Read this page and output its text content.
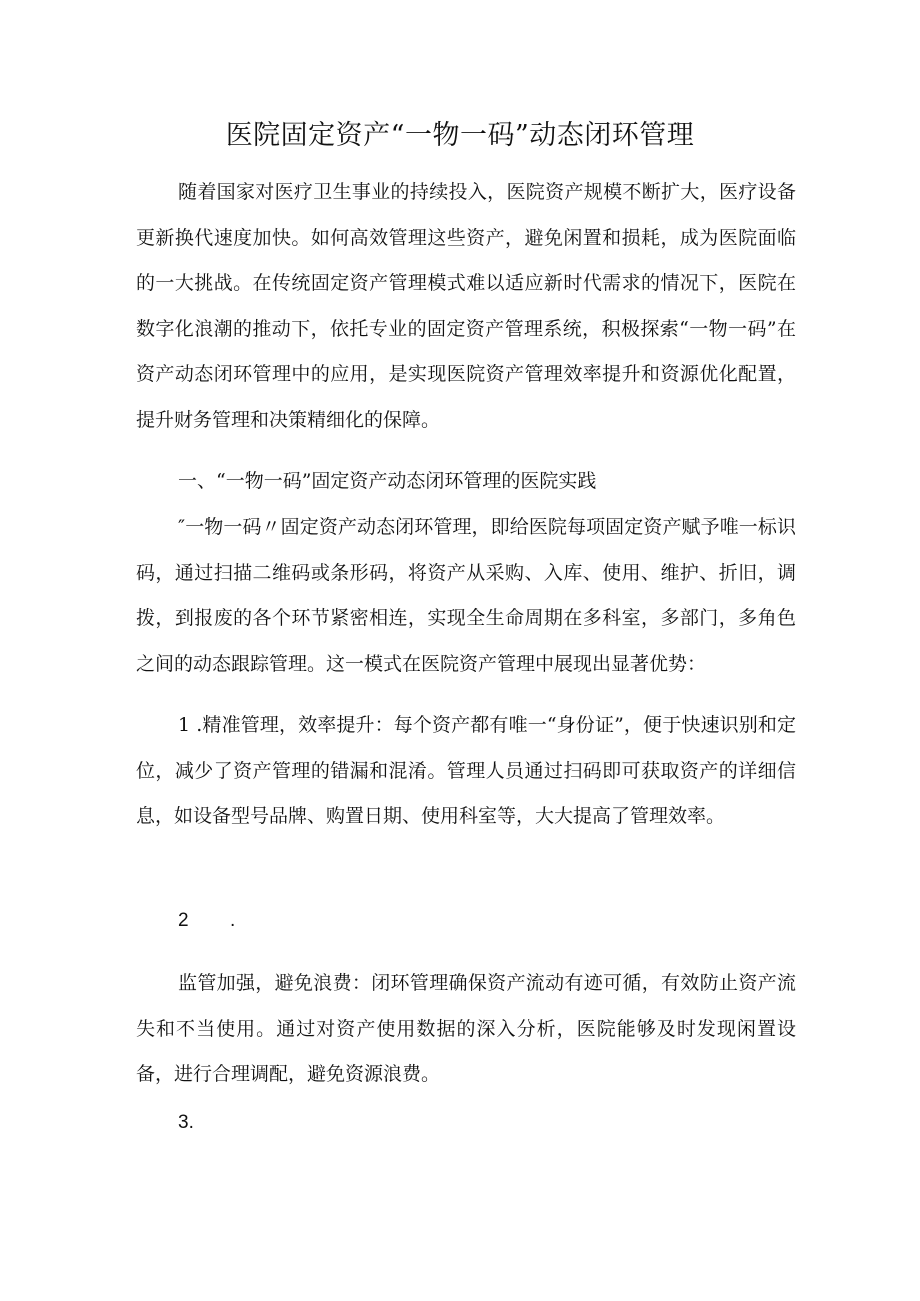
医院固定资产“一物一码”动态闭环管理

随着国家对医疗卫生事业的持续投入，医院资产规模不断扩大，医疗设备更新换代速度加快。如何高效管理这些资产，避免闲置和损耗，成为医院面临的一大挑战。在传统固定资产管理模式难以适应新时代需求的情况下，医院在数字化浪潮的推动下，依托专业的固定资产管理系统，积极探索“一物一码”在资产动态闭环管理中的应用，是实现医院资产管理效率提升和资源优化配置，提升财务管理和决策精细化的保障。

一、“一物一码”固定资产动态闭环管理的医院实践

″一物一码〃固定资产动态闭环管理，即给医院每项固定资产赋予唯一标识码，通过扫描二维码或条形码，将资产从采购、入库、使用、维护、折旧，调拨，到报废的各个环节紧密相连，实现全生命周期在多科室，多部门，多角色之间的动态跟踪管理。这一模式在医院资产管理中展现出显著优势：

1 .精准管理，效率提升：每个资产都有唯一“身份证”，便于快速识别和定位，减少了资产管理的错漏和混淆。管理人员通过扫码即可获取资产的详细信息，如设备型号品牌、购置日期、使用科室等，大大提高了管理效率。

2 .

监管加强，避免浪费：闭环管理确保资产流动有迹可循，有效防止资产流失和不当使用。通过对资产使用数据的深入分析，医院能够及时发现闲置设备，进行合理调配，避免资源浪费。

3.
